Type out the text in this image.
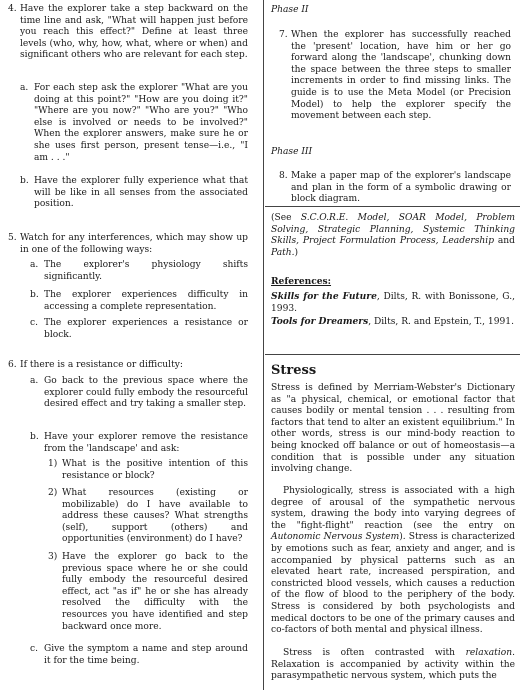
4. Have the explorer take a step backward on the time line and ask, "What will happen just before you reach this effect?" Define at least three levels (who, why, how, what, where or when) and significant others who are relevant for each step.

a. For each step ask the explorer "What are you doing at this point?" "How are you doing it?" "Where are you now?" "Who are you?" "Who else is involved or needs to be involved?" When the explorer answers, make sure he or she uses first person, present tense—i.e., "I am . . ."

b. Have the explorer fully experience what that will be like in all senses from the associated position.

5. Watch for any interferences, which may show up in one of the following ways:

a. The explorer's physiology shifts significantly.

b. The explorer experiences difficulty in accessing a complete representation.

c. The explorer experiences a resistance or block.

6. If there is a resistance or difficulty:

a. Go back to the previous space where the explorer could fully embody the resourceful desired effect and try taking a smaller step.

b. Have your explorer remove the resistance from the 'landscape' and ask:

1) What is the positive intention of this resistance or block?

2) What resources (existing or mobilizable) do I have available to address these causes? What strengths (self), support (others) and opportunities (environment) do I have?

3) Have the explorer go back to the previous space where he or she could fully embody the resourceful desired effect, act "as if" he or she has already resolved the difficulty with the resources you have identified and step backward once more.

c. Give the symptom a name and step around it for the time being.

Phase II
7. When the explorer has successfully reached the 'present' location, have him or her go forward along the 'landscape', chunking down the space between the three steps to smaller increments in order to find missing links. The guide is to use the Meta Model (or Precision Model) to help the explorer specify the movement between each step.

Phase III
8. Make a paper map of the explorer's landscape and plan in the form of a symbolic drawing or block diagram.

(See S.C.O.R.E. Model, SOAR Model, Problem Solving, Strategic Planning, Systemic Thinking Skills, Project Formulation Process, Leadership and Path.)

References:

Skills for the Future, Dilts, R. with Bonissone, G., 1993.

Tools for Dreamers, Dilts, R. and Epstein, T., 1991.

Stress

Stress is defined by Merriam-Webster's Dictionary as "a physical, chemical, or emotional factor that causes bodily or mental tension . . . resulting from factors that tend to alter an existent equilibrium." In other words, stress is our mind-body reaction to being knocked off balance or out of homeostasis—a condition that is possible under any situation involving change.

Physiologically, stress is associated with a high degree of arousal of the sympathetic nervous system, drawing the body into varying degrees of the "fight-flight" reaction (see the entry on Autonomic Nervous System). Stress is characterized by emotions such as fear, anxiety and anger, and is accompanied by physical patterns such as an elevated heart rate, increased perspiration, and constricted blood vessels, which causes a reduction of the flow of blood to the periphery of the body. Stress is considered by both psychologists and medical doctors to be one of the primary causes and co-factors of both mental and physical illness.

Stress is often contrasted with relaxation. Relaxation is accompanied by activity within the parasympathetic nervous system, which puts the
